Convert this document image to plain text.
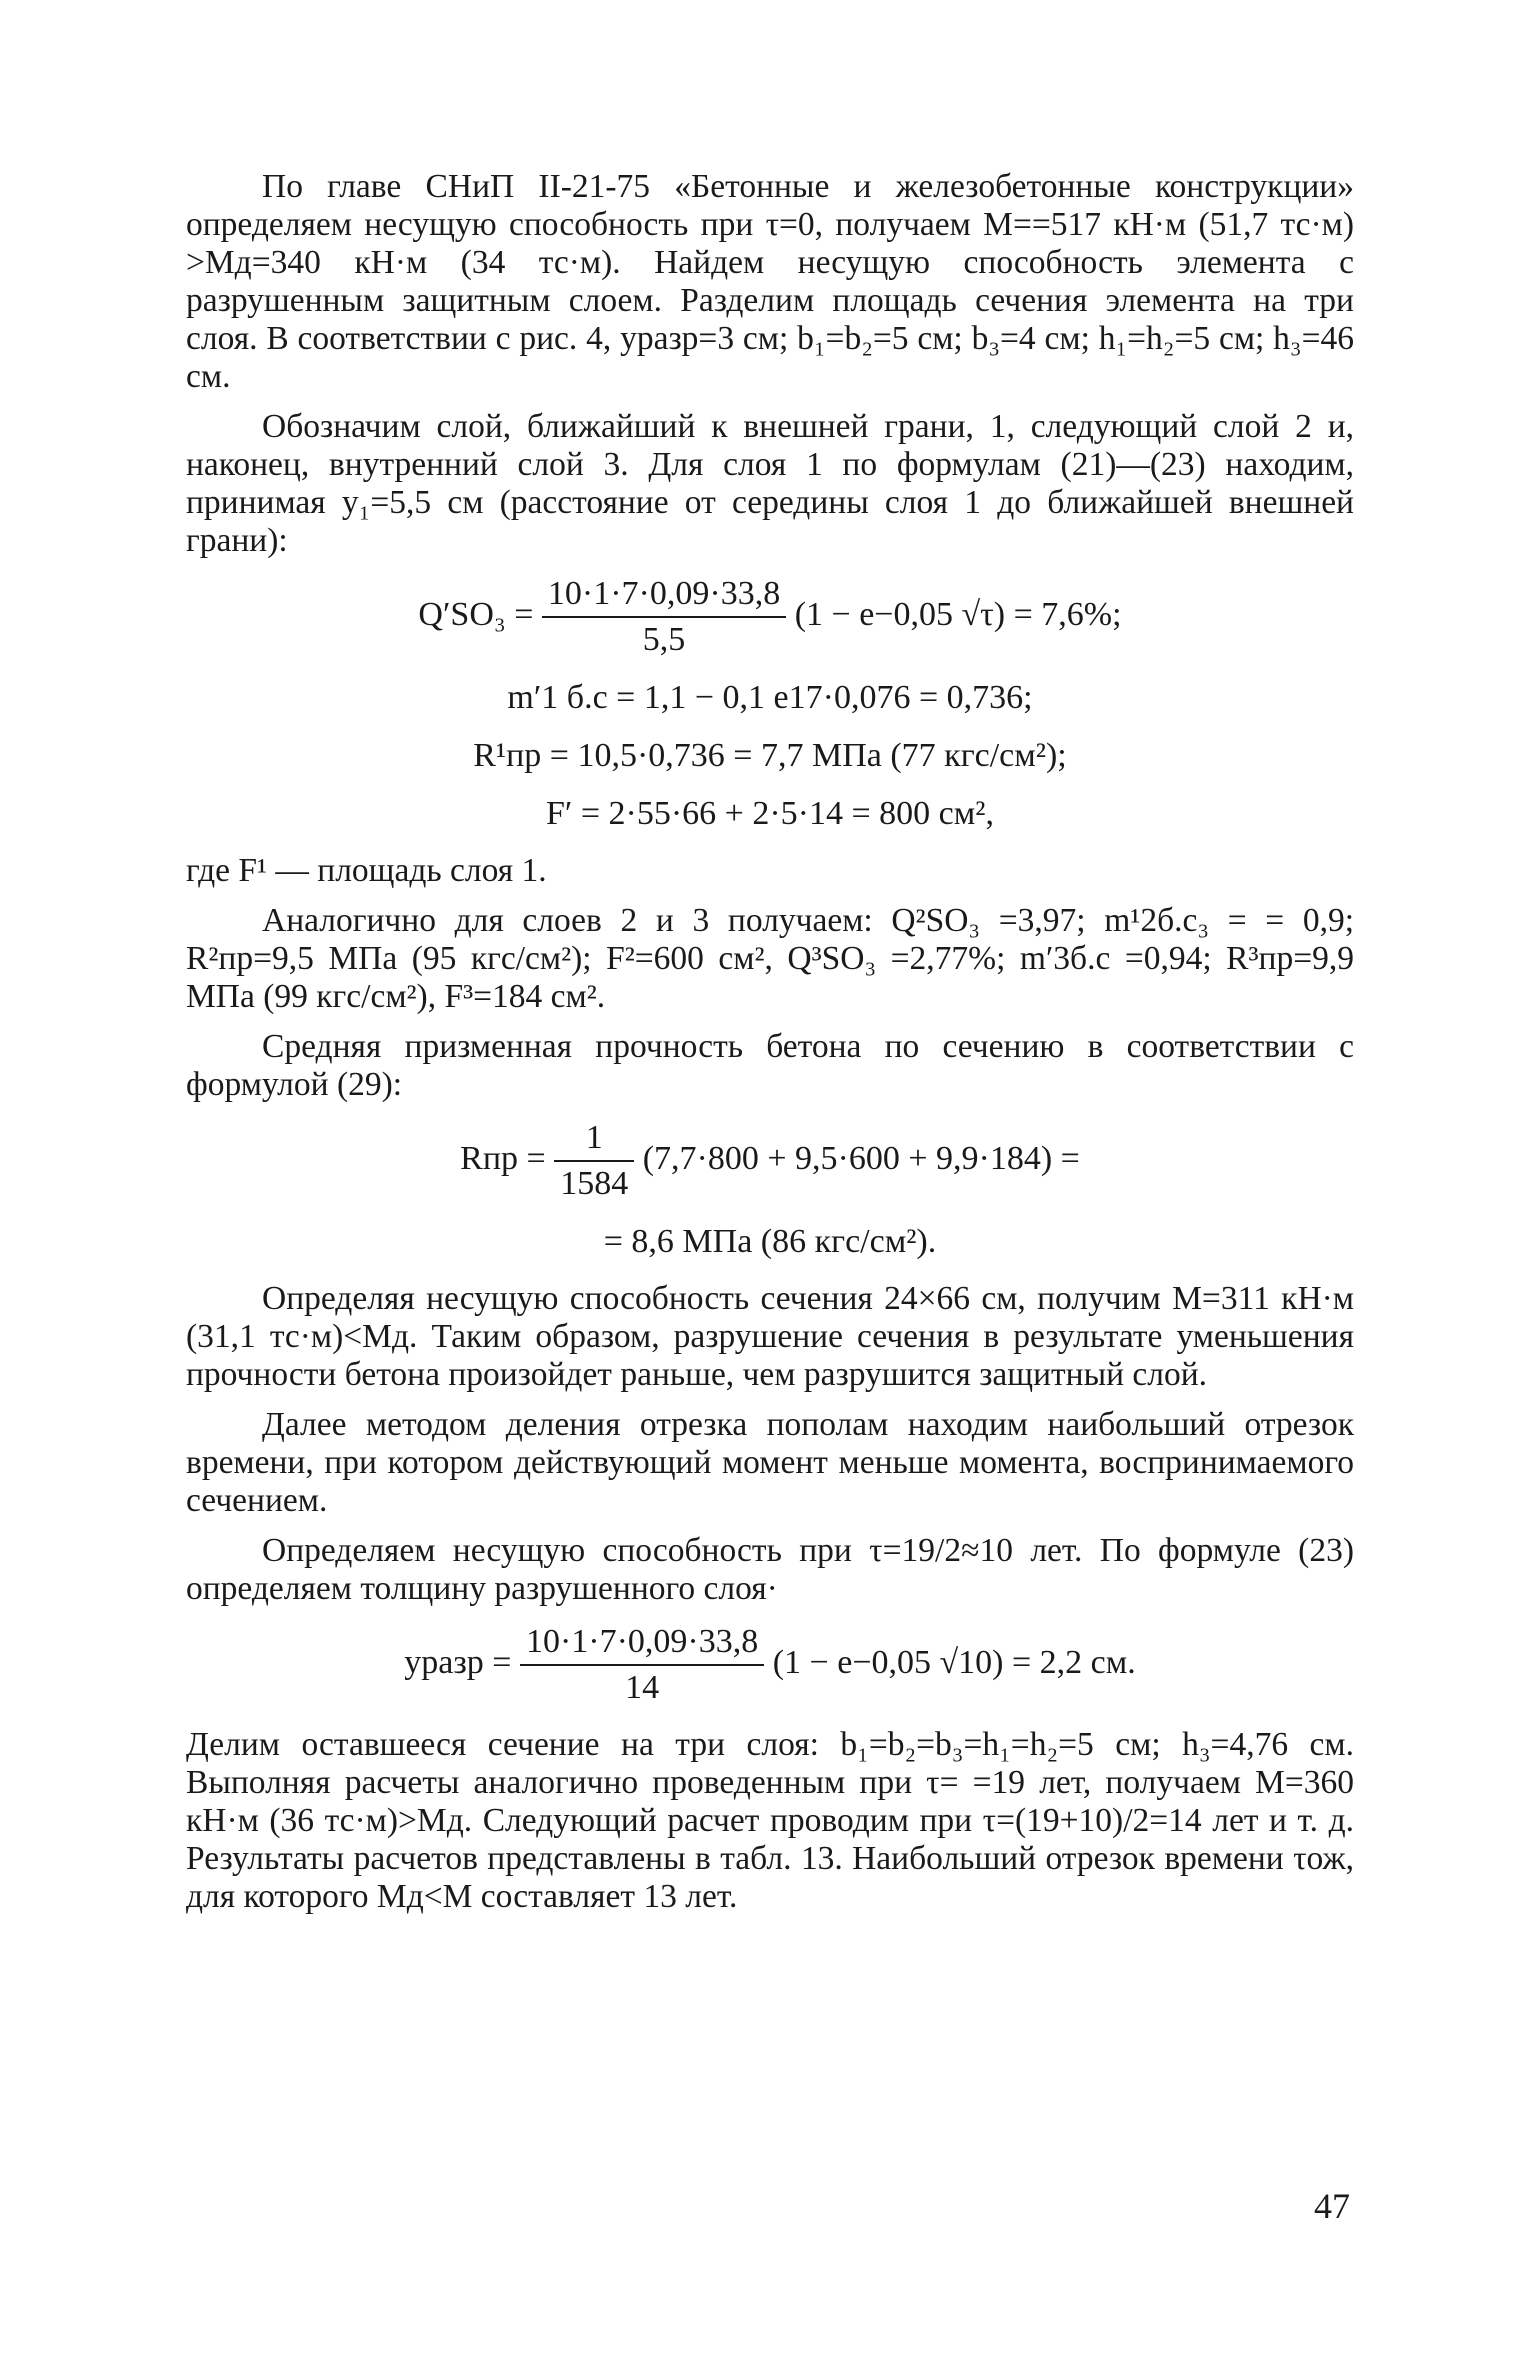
По главе СНиП II-21-75 «Бетонные и железобетонные конструкции» определяем несущую способность при τ=0, получаем M==517 кН·м (51,7 тс·м) >Mд=340 кН·м (34 тс·м). Найдем несущую способность элемента с разрушенным защитным слоем. Разделим площадь сечения элемента на три слоя. В соответствии с рис. 4, yразр=3 см; b₁=b₂=5 см; b₃=4 см; h₁=h₂=5 см; h₃=46 см.

Обозначим слой, ближайший к внешней грани, 1, следующий слой 2 и, наконец, внутренний слой 3. Для слоя 1 по формулам (21)—(23) находим, принимая y₁=5,5 см (расстояние от середины слоя 1 до ближайшей внешней грани):

$Q'SO_3 = \frac{10\cdot 1\cdot 7\cdot 0,09\cdot 33,8}{5,5} (1 - e-0,05$ √τ) = 7,6%;
m′1 б.с = 1,1 − 0,1 e17·0,076 = 0,736;
R¹пр = 10,5·0,736 = 7,7 МПа (77 кгс/см²);
F′ = 2·55·66 + 2·5·14 = 800 см²,

где F¹ — площадь слоя 1.

Аналогично для слоев 2 и 3 получаем: Q²SO₃ =3,97; m¹2б.с₃ = = 0,9; R²пр=9,5 МПа (95 кгс/см²); F²=600 см², Q³SO₃ =2,77%; m′3б.с =0,94; R³пр=9,9 МПа (99 кгс/см²), F³=184 см².

Средняя призменная прочность бетона по сечению в соответствии с формулой (29):

Rпр = $\frac{1}{1584} (7,7\cdot 800 + 9,5\cdot 600 + 9,9\cdot 184)$ =
= 8,6 МПа (86 кгс/см²).

Определяя несущую способность сечения 24×66 см, получим M=311 кН·м (31,1 тс·м)<Mд. Таким образом, разрушение сечения в результате уменьшения прочности бетона произойдет раньше, чем разрушится защитный слой.

Далее методом деления отрезка пополам находим наибольший отрезок времени, при котором действующий момент меньше момента, воспринимаемого сечением.

Определяем несущую способность при τ=19/2≈10 лет. По формуле (23) определяем толщину разрушенного слоя·

yразр = $\frac{10\cdot 1\cdot 7\cdot 0,09\cdot 33,8}{14} (1 - e-0,05$ √10) = 2,2 см.

Делим оставшееся сечение на три слоя: b₁=b₂=b₃=h₁=h₂=5 см; h₃=4,76 см. Выполняя расчеты аналогично проведенным при τ= =19 лет, получаем M=360 кН·м (36 тс·м)>Mд. Следующий расчет проводим при τ=(19+10)/2=14 лет и т. д. Результаты расчетов представлены в табл. 13. Наибольший отрезок времени τож, для которого Mд<M составляет 13 лет.

47
